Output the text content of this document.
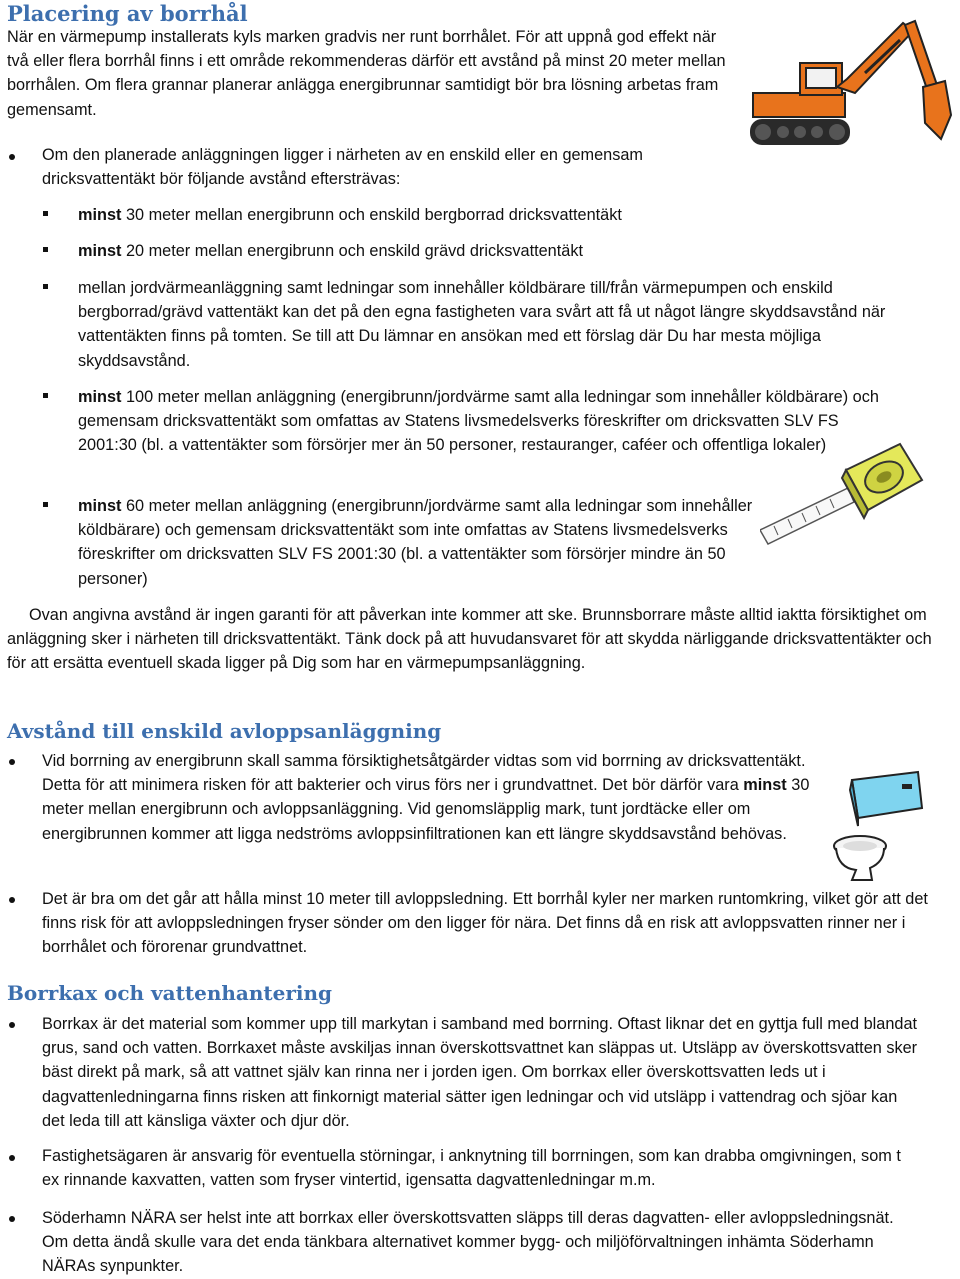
Placering av borrhål
När en värmepump installerats kyls marken gradvis ner runt borrhålet. För att uppnå god effekt när två eller flera borrhål finns i ett område rekommenderas därför ett avstånd på minst 20 meter mellan borrhålen. Om flera grannar planerar anlägga energibrunnar samtidigt bör bra lösning arbetas fram gemensamt.
Om den planerade anläggningen ligger i närheten av en enskild eller en gemensam dricksvattentäkt bör följande avstånd eftersträvas:
minst 30 meter mellan energibrunn och enskild bergborrad dricksvattentäkt
minst 20 meter mellan energibrunn och enskild grävd dricksvattentäkt
mellan jordvärmeanläggning samt ledningar som innehåller köldbärare till/från värmepumpen och enskild bergborrad/grävd vattentäkt kan det på den egna fastigheten vara svårt att få ut något längre skyddsavstånd när vattentäkten finns på tomten. Se till att Du lämnar en ansökan med ett förslag där Du har mesta möjliga skyddsavstånd.
minst 100 meter mellan anläggning (energibrunn/jordvärme samt alla ledningar som innehåller köldbärare) och gemensam dricksvattentäkt som omfattas av Statens livsmedelsverks föreskrifter om dricksvatten SLV FS 2001:30 (bl. a vattentäkter som försörjer mer än 50 personer, restauranger, caféer och offentliga lokaler)
minst 60 meter mellan anläggning (energibrunn/jordvärme samt alla ledningar som innehåller köldbärare) och gemensam dricksvattentäkt som inte omfattas av Statens livsmedelsverks föreskrifter om dricksvatten SLV FS 2001:30 (bl. a vattentäkter som försörjer mindre än 50 personer)
Ovan angivna avstånd är ingen garanti för att påverkan inte kommer att ske. Brunnsborrare måste alltid iaktta försiktighet om anläggning sker i närheten till dricksvattentäkt. Tänk dock på att huvudansvaret för att skydda närliggande dricksvattentäkter och för att ersätta eventuell skada ligger på Dig som har en värmepumpsanläggning.
Avstånd till enskild avloppsanläggning
Vid borrning av energibrunn skall samma försiktighetsåtgärder vidtas som vid borrning av dricksvattentäkt. Detta för att minimera risken för att bakterier och virus förs ner i grundvattnet. Det bör därför vara minst 30 meter mellan energibrunn och avloppsanläggning. Vid genomsläpplig mark, tunt jordtäcke eller om energibrunnen kommer att ligga nedströms avloppsinfiltrationen kan ett längre skyddsavstånd behövas.
Det är bra om det går att hålla minst 10 meter till avloppsledning. Ett borrhål kyler ner marken runtomkring, vilket gör att det finns risk för att avloppsledningen fryser sönder om den ligger för nära. Det finns då en risk att avloppsvatten rinner ner i borrhålet och förorenar grundvattnet.
Borrkax och vattenhantering
Borrkax är det material som kommer upp till markytan i samband med borrning. Oftast liknar det en gyttja full med blandat grus, sand och vatten. Borrkaxet måste avskiljas innan överskottsvattnet kan släppas ut. Utsläpp av överskottsvatten sker bäst direkt på mark, så att vattnet själv kan rinna ner i jorden igen. Om borrkax eller överskottsvatten leds ut i dagvattenledningarna finns risken att finkornigt material sätter igen ledningar och vid utsläpp i vattendrag och sjöar kan det leda till att känsliga växter och djur dör.
Fastighetsägaren är ansvarig för eventuella störningar, i anknytning till borrningen, som kan drabba omgivningen, som t ex rinnande kaxvatten, vatten som fryser vintertid, igensatta dagvattenledningar m.m.
Söderhamn NÄRA ser helst inte att borrkax eller överskottsvatten släpps till deras dagvatten- eller avloppsledningsnät. Om detta ändå skulle vara det enda tänkbara alternativet kommer bygg- och miljöförvaltningen inhämta Söderhamn NÄRAs synpunkter.
